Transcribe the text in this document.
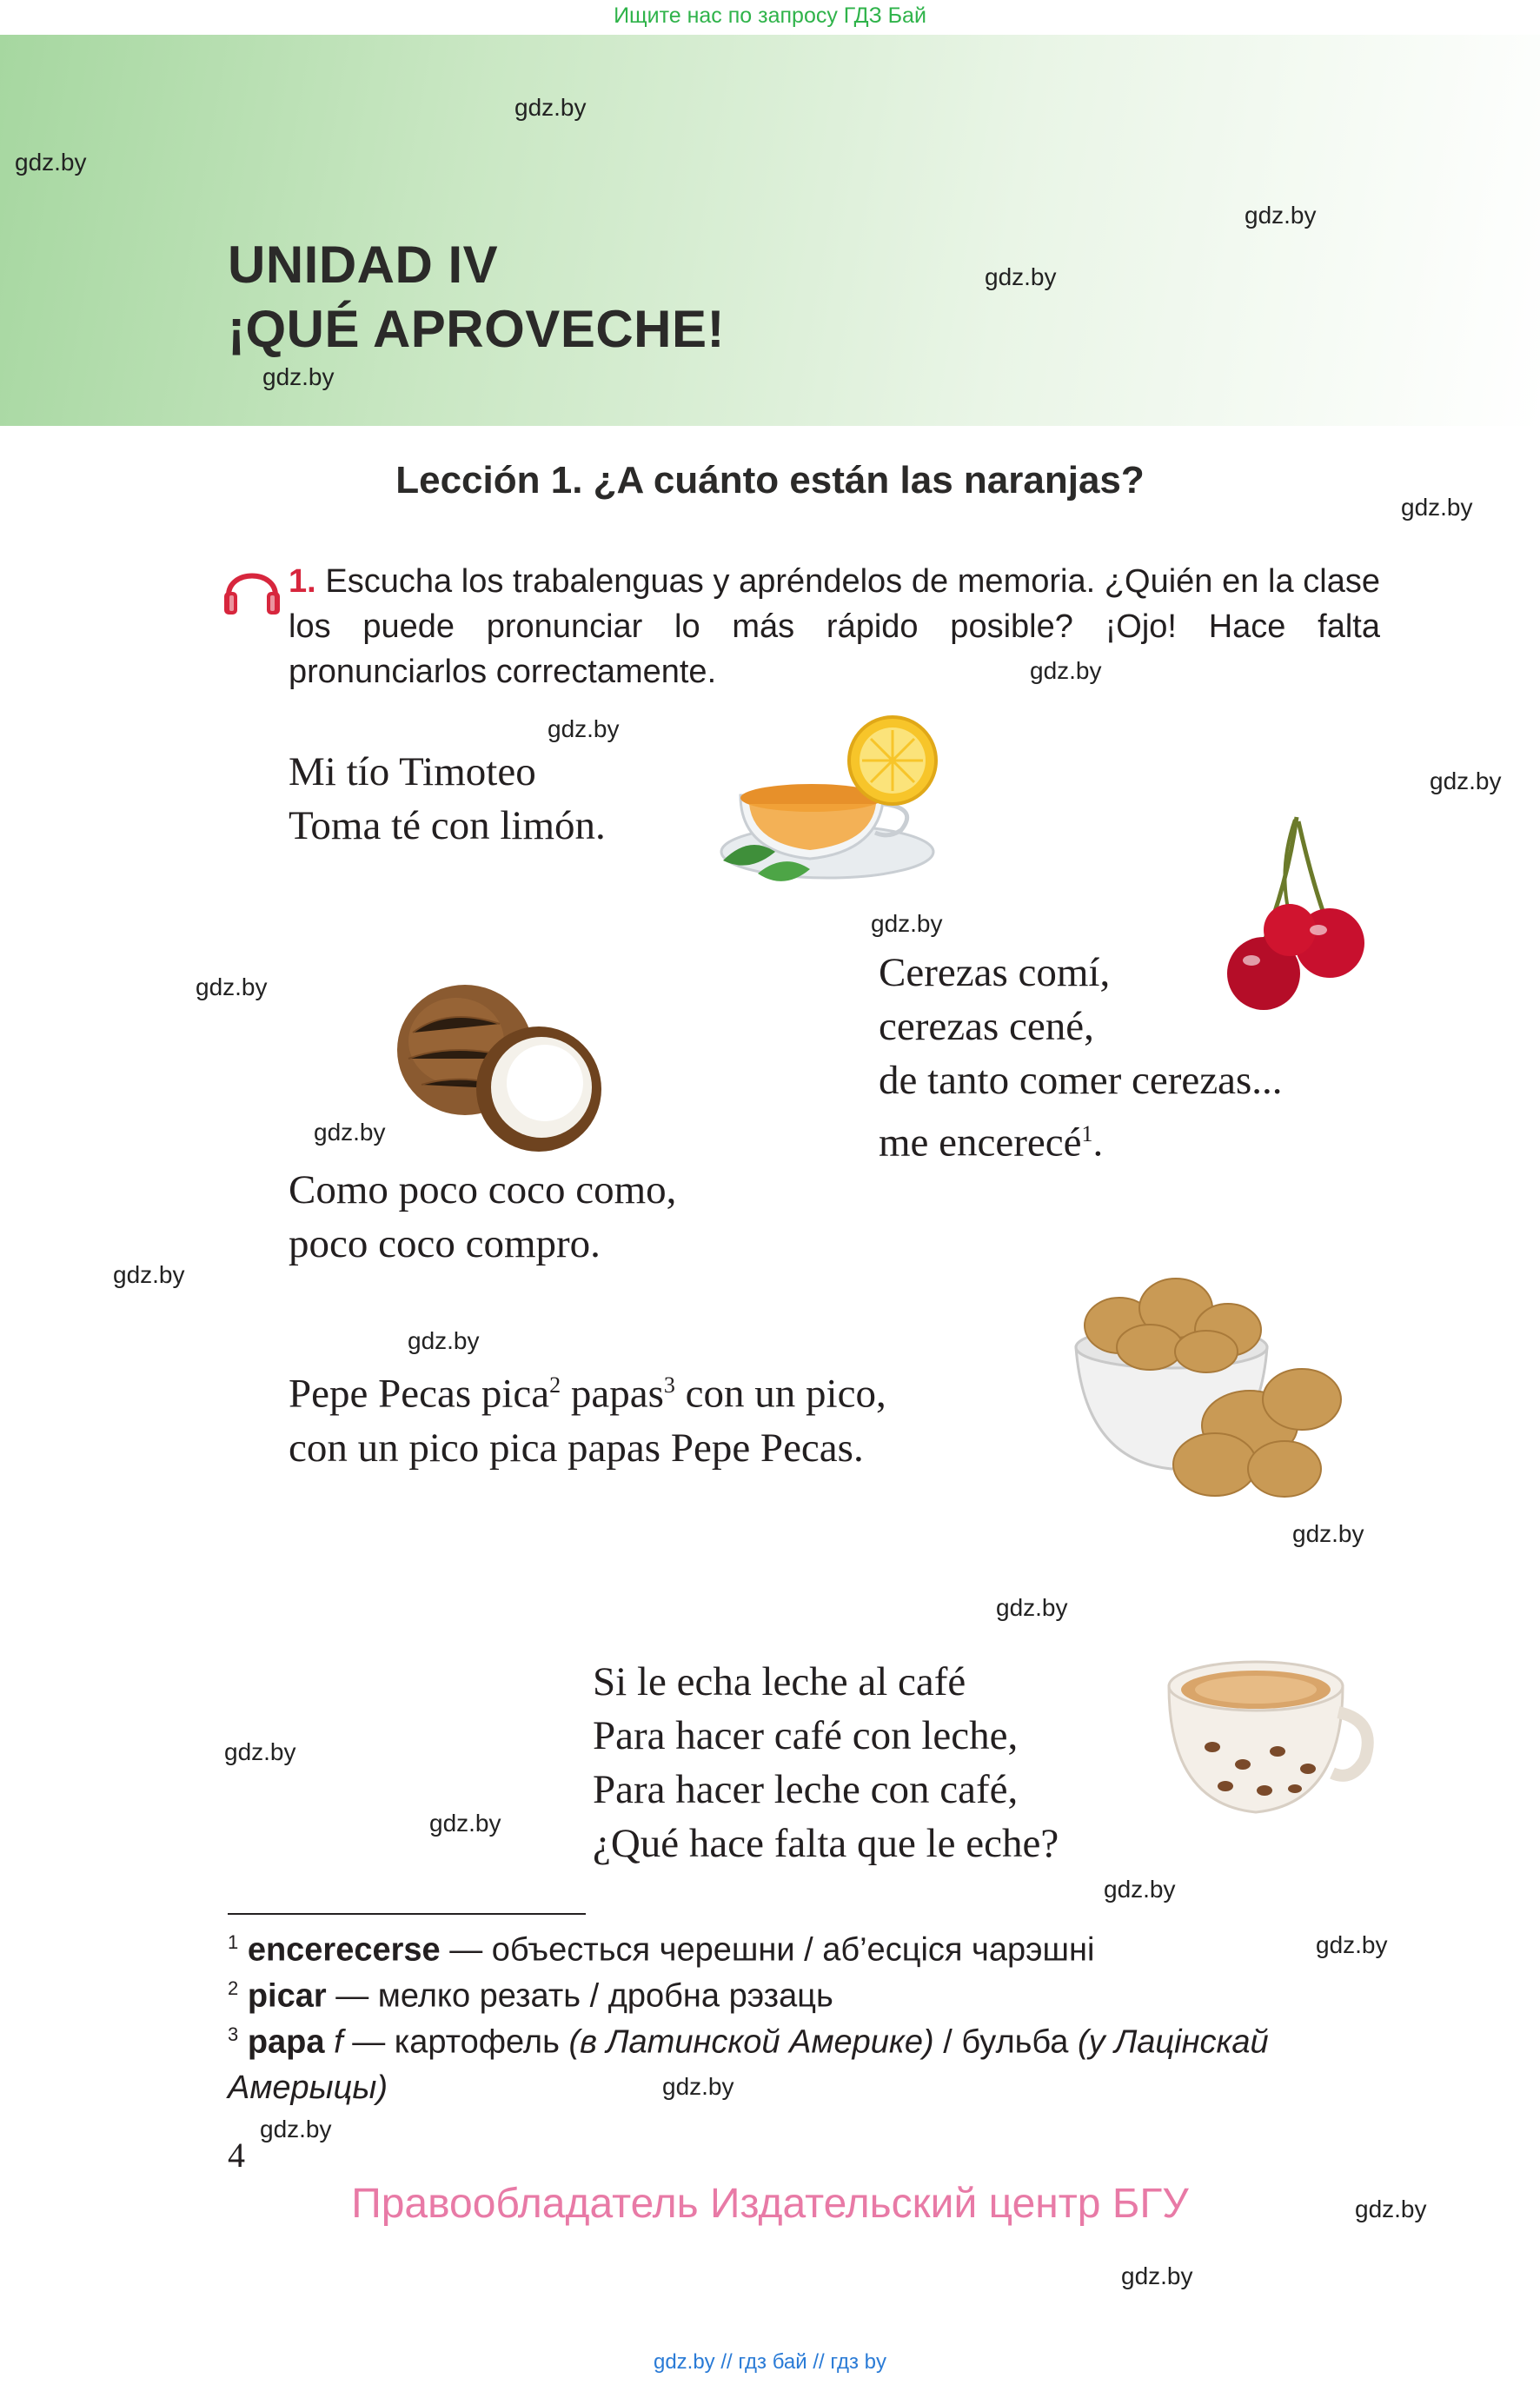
Ищите нас по запросу ГДЗ Бай
UNIDAD IV
¡QUÉ APROVECHE!
Lección 1. ¿A cuánto están las naranjas?
1. Escucha los trabalenguas y apréndelos de memoria. ¿Quién en la clase los puede pronunciar lo más rápido posible? ¡Ojo! Hace falta pronunciarlos correctamente.
Mi tío Timoteo
Toma té con limón.
Cerezas comí,
cerezas cené,
de tanto comer cerezas...
me encerecé$^1$.
Como poco coco como,
poco coco compro.
Pepe Pecas pica$^2$ papas$^3$ con un pico,
con un pico pica papas Pepe Pecas.
Si le echa leche al café
Para hacer café con leche,
Para hacer leche con café,
¿Qué hace falta que le eche?
$^1$ encerecerse — объесться черешни / аб’есціся чарэшні
$^2$ picar — мелко резать / дробна рэзаць
$^3$ papa f — картофель (в Латинской Америке) / бульба (у Лацінскай Амерыцы)
4
Правообладатель Издательский центр БГУ
gdz.by // гдз бай // гдз by
gdz.by
gdz.by
gdz.by
gdz.by
gdz.by
gdz.by
gdz.by
gdz.by
gdz.by
gdz.by
gdz.by
gdz.by
gdz.by
gdz.by
gdz.by
gdz.by
gdz.by
gdz.by
gdz.by
gdz.by
gdz.by
gdz.by
gdz.by
gdz.by
